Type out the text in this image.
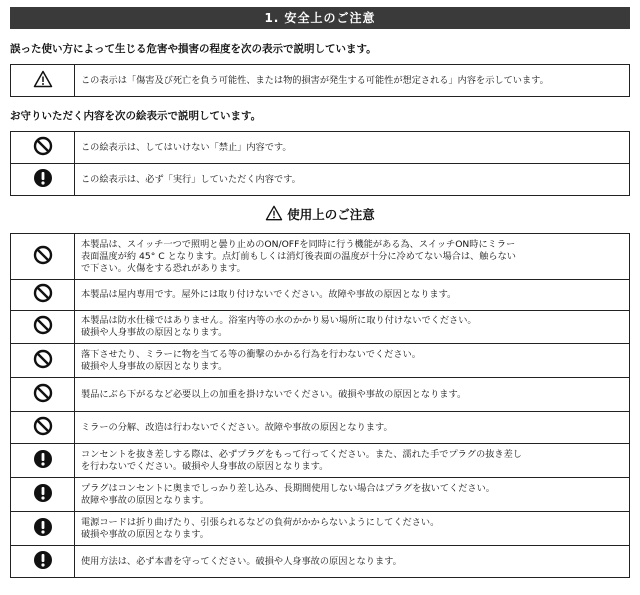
1. 安全上のご注意
誤った使い方によって生じる危害や損害の程度を次の表示で説明しています。
	この表示は「傷害及び死亡を負う可能性、または物的損害が発生する可能性が想定される」内容を示しています。
お守りいただく内容を次の絵表示で説明しています。
	この絵表示は、してはいけない「禁止」内容です。

	この絵表示は、必ず「実行」していただく内容です。
使用上のご注意

本製品は、スイッチ一つで照明と曇り止めのON/OFFを同時に行う機能がある為、スイッチON時にミラー
表面温度が約 45° C となります。点灯前もしくは消灯後表面の温度が十分に冷めてない場合は、触らない
で下さい。火傷をする恐れがあります。

本製品は屋内専用です。屋外には取り付けないでください。故障や事故の原因となります。

本製品は防水仕様ではありません。浴室内等の水のかかり易い場所に取り付けないでください。
破損や人身事故の原因となります。

落下させたり、ミラーに物を当てる等の衝撃のかかる行為を行わないでください。
破損や人身事故の原因となります。

製品にぶら下がるなど必要以上の加重を掛けないでください。破損や事故の原因となります。

ミラーの分解、改造は行わないでください。故障や事故の原因となります。

コンセントを抜き差しする際は、必ずプラグをもって行ってください。また、濡れた手でプラグの抜き差し
を行わないでください。破損や人身事故の原因となります。

プラグはコンセントに奥までしっかり差し込み、長期間使用しない場合はプラグを抜いてください。
故障や事故の原因となります。

電源コードは折り曲げたり、引張られるなどの負荷がかからないようにしてください。
破損や事故の原因となります。

使用方法は、必ず本書を守ってください。破損や人身事故の原因となります。
